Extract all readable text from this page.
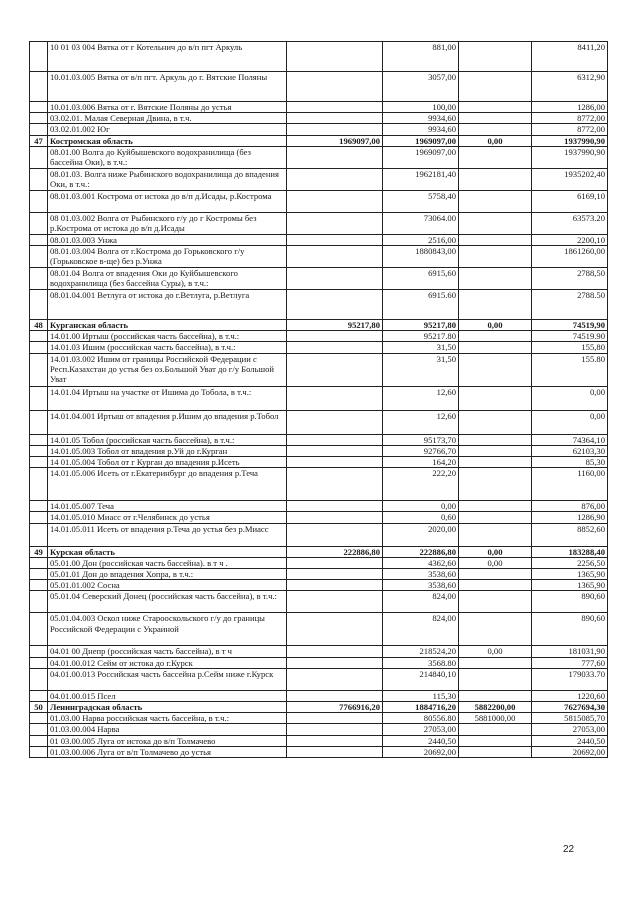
	10 01 03 004 Вятка от г Котельнич до в/п пгт Аркуль		881,00		8411,20
	10.01.03.005 Вятка от в/п пгт. Аркуль до г. Вятские Поляны		3057,00		6312,90
	10.01.03.006 Вятка от г. Вятские Поляны до устья		100,00		1286,00
	03.02.01. Малая Северная Двина, в т.ч.		9934,60		8772,00
	03.02.01.002 Юг		9934,60		8772,00
47	Костромская область	1969097,00	1969097,00	0,00	1937990,90
	08.01.00 Волга до Куйбышевского водохранилища (без бассейна Оки), в т.ч.:		1969097,00		1937990,90
	08.01.03. Волга ниже Рыбинского водохранилища до впадения Оки, в т.ч.:		1962181,40		1935202,40
	08.01.03.001 Кострома от истока до в/п д.Исады, р.Кострома		5758,40		6169,10
	08 01.03.002 Волга от Рыбинского г/у до г Костромы без р.Кострома от истока до в/п д.Исады		73064.00		63573.20
	08.01.03.003 Унжа		2516,00		2200,10
	08.01.03.004 Волга от г.Кострома до Горьковского г/у (Горьковское в-ще) без р.Унжа		1880843,00		1861260,00
	08.01.04 Волга от впадения Оки до Куйбышевского водохранилища (без бассейна Суры), в т.ч.:		6915,60		2788,50
	08.01.04.001 Ветлуга от истока до г.Ветлуга, р.Ветлуга		6915.60		2788.50
48	Курганская область	95217,80	95217,80	0,00	74519,90
	14.01.00 Иртыш (российская часть бассейна), в т.ч.:		95217.80		74519.90
	14.01.03 Ишим (российская часть бассейна), в т.ч.:		31,50		155,80
	14.01.03.002 Ишим от границы Российской Федерации с Респ.Казахстан до устья без оз.Большой Уват до г/у Большой Уват		31,50		155.80
	14.01.04 Иртыш на участке от Ишима до Тобола, в т.ч.:		12,60		0,00
	14.01.04.001 Иртыш от впадения р.Ишим до впадения р.Тобол		12,60		0,00
	14.01.05 Тобол (российская часть бассейна), в т.ч.:		95173,70		74364,10
	14.01.05.003 Тобол от впадения р.Уй до г.Курган		92766,70		62103,30
	14 01.05.004 Тобол от г Курган до впадения р.Исеть		164,20		85,30
	14.01.05.006 Исеть от г.Екатеринбург до впадения р.Теча		222,20		1160,00
	14.01.05.007 Теча		0,00		876,00
	14.01.05.010 Миасс от г.Челябинск до устья		0,60		1286,90
	14.01.05.011 Исеть от впадения р.Теча до устья без р.Миасс		2020,00		8852,60
49	Курская область	222886,80	222886,80	0,00	183288,40
	05.01.00 Дон (российская часть бассейна). в т ч .		4362,60	0,00	2256,50
	05.01.01 Дон до впадения Хопра, в т.ч.:		3538,60		1365,90
	05.01.01.002 Сосна		3538,60		1365,90
	05.01.04 Северский Донец (российская часть бассейна), в т.ч.:		824,00		890,60
	05.01.04.003 Оскол ниже Старооскольского г/у до границы Российской Федерации с Украиной		824,00		890,60
	04.01 00 Днепр (российская часть бассейна), в т ч		218524,20	0,00	181031,90
	04.01.00.012 Сейм от истока до г.Курск		3568.80		777,60
	04.01.00.013 Российская часть бассейна р.Сейм ниже г.Курск		214840,10		179033.70
	04.01.00.015 Псел		115,30		1220,60
50	Ленинградская область	7766916,20	1884716,20	5882200,00	7627694,30
	01.03.00 Нарва российская часть бассейна, в т.ч.:		80556.80	5881000,00	5815085,70
	01.03.00.004 Нарва		27053,00		27053,00
	01 03.00.005 Луга от истока до в/п Толмачево		2440,50		2440,50
	01.03.00.006 Луга от в/п Толмачево до устья		20692,00		20692,00
22
